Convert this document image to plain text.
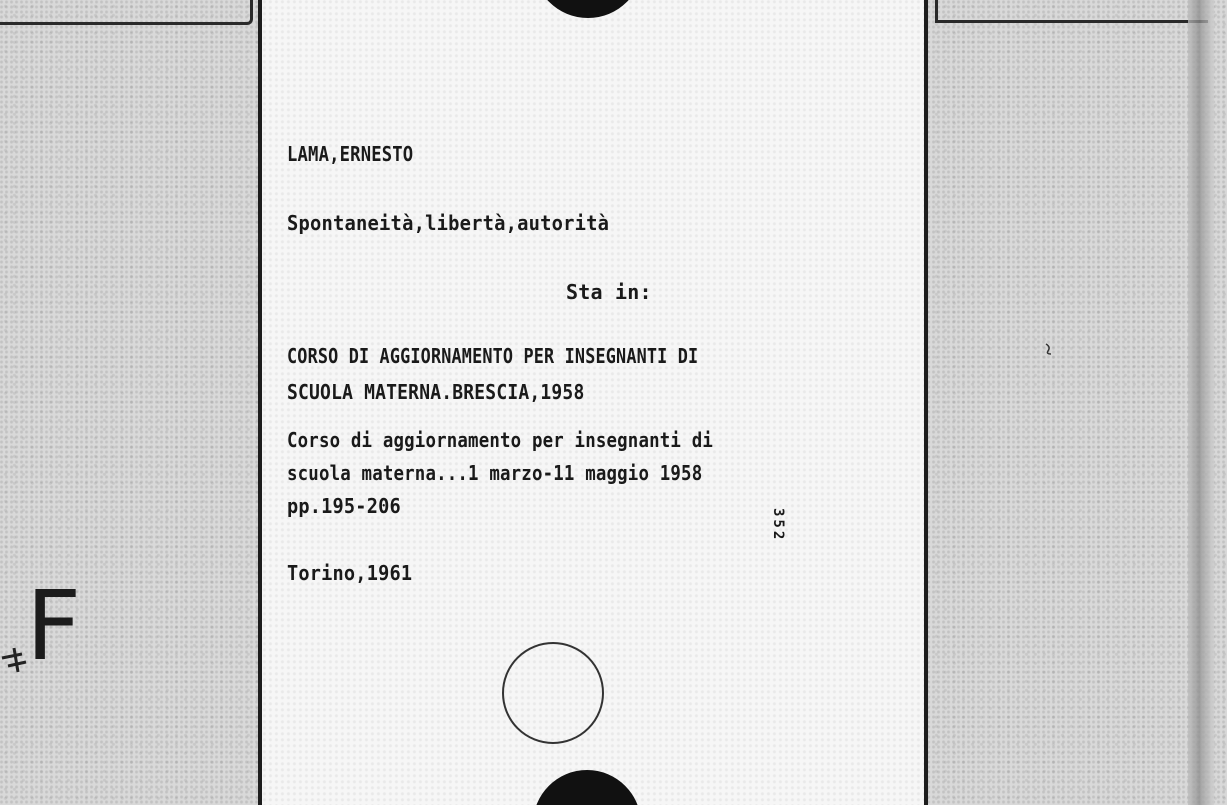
LAMA,ERNESTO
Spontaneità,libertà,autorità
Sta in:
CORSO DI AGGIORNAMENTO PER INSEGNANTI DI
SCUOLA MATERNA.BRESCIA,1958
Corso di aggiornamento per insegnanti di
scuola materna...1 marzo-11 maggio 1958
pp.195-206
Torino,1961
352
F
